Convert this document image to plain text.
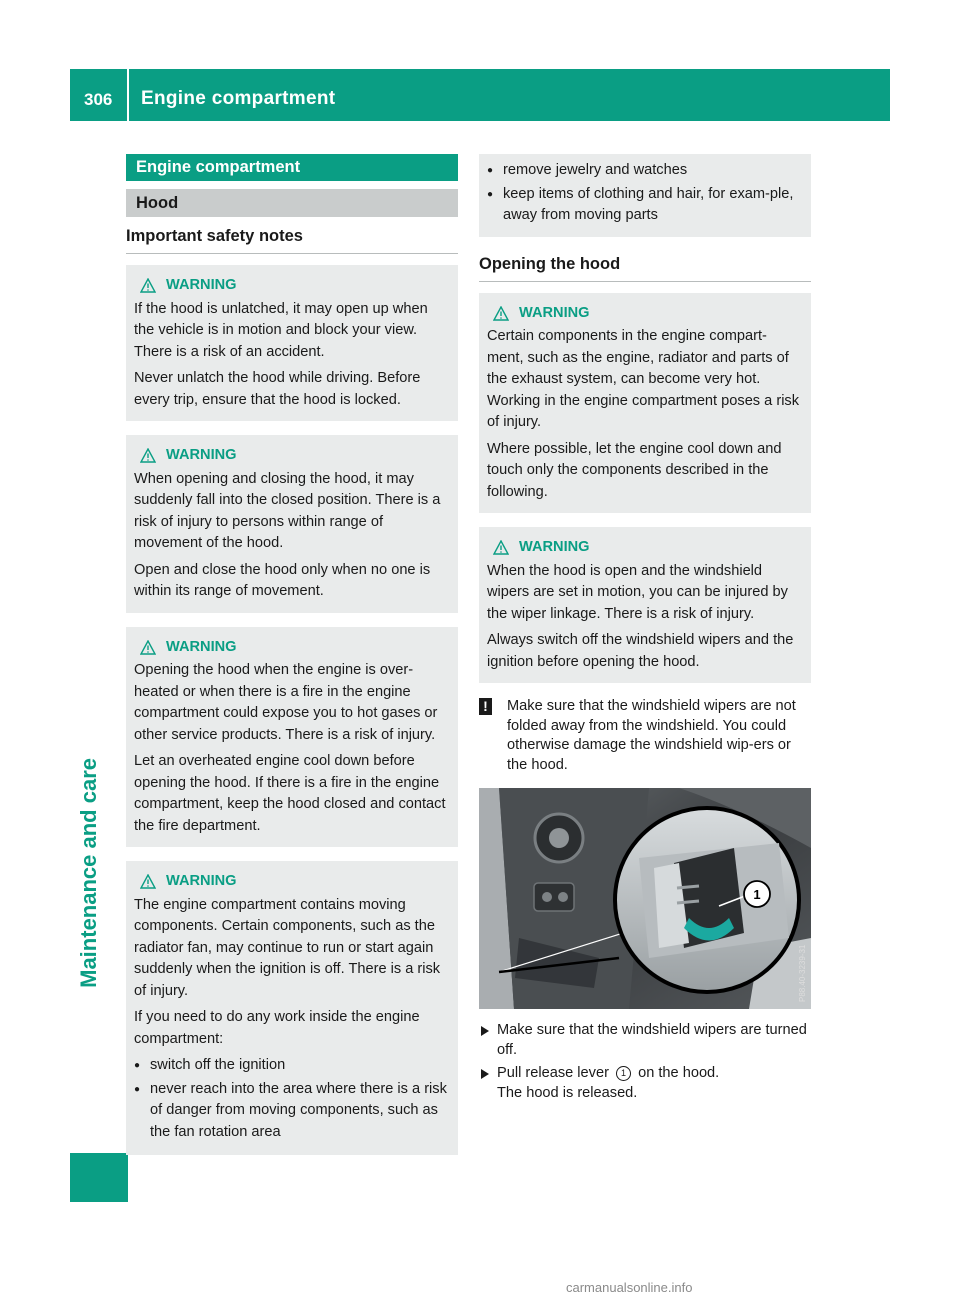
306 Engine compartment
Maintenance and care
Engine compartment
Hood
Important safety notes
WARNING

If the hood is unlatched, it may open up when the vehicle is in motion and block your view. There is a risk of an accident.

Never unlatch the hood while driving. Before every trip, ensure that the hood is locked.

WARNING

When opening and closing the hood, it may suddenly fall into the closed position. There is a risk of injury to persons within range of movement of the hood.

Open and close the hood only when no one is within its range of movement.

WARNING

Opening the hood when the engine is over-heated or when there is a fire in the engine compartment could expose you to hot gases or other service products. There is a risk of injury.

Let an overheated engine cool down before opening the hood. If there is a fire in the engine compartment, keep the hood closed and contact the fire department.

WARNING

The engine compartment contains moving components. Certain components, such as the radiator fan, may continue to run or start again suddenly when the ignition is off. There is a risk of injury.

If you need to do any work inside the engine compartment:

● switch off the ignition
● never reach into the area where there is a risk of danger from moving components, such as the fan rotation area
● remove jewelry and watches
● keep items of clothing and hair, for exam-ple, away from moving parts
Opening the hood
WARNING

Certain components in the engine compart-ment, such as the engine, radiator and parts of the exhaust system, can become very hot. Working in the engine compartment poses a risk of injury.

Where possible, let the engine cool down and touch only the components described in the following.

WARNING

When the hood is open and the windshield wipers are set in motion, you can be injured by the wiper linkage. There is a risk of injury.

Always switch off the windshield wipers and the ignition before opening the hood.

! Make sure that the windshield wipers are not folded away from the windshield. You could otherwise damage the windshield wip-ers or the hood.
1
P88.40-3239-31
Make sure that the windshield wipers are turned off.
Pull release lever 1 on the hood.
The hood is released.
carmanualsonline.info
